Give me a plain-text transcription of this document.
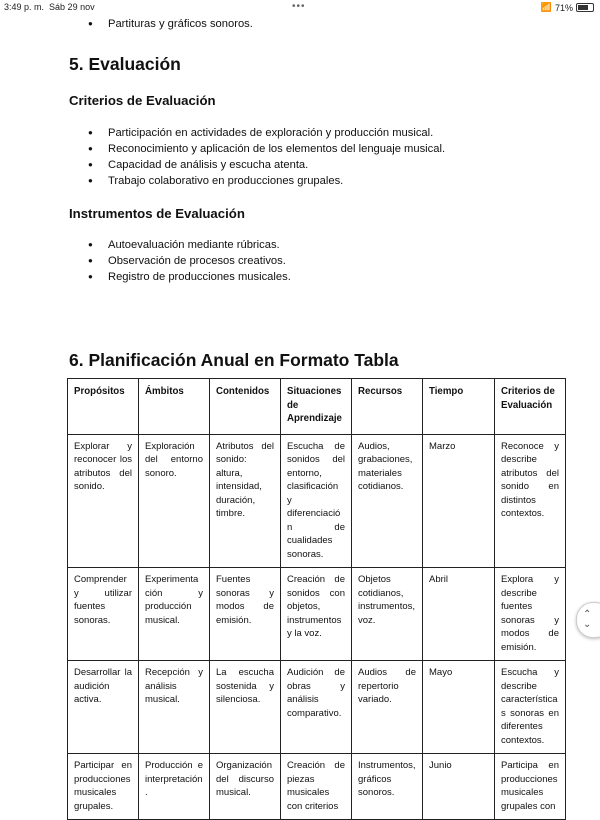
3:49 p. m. Sáb 29 nov	•••	📶 71%
● Partituras y gráficos sonoros.
5. Evaluación
Criterios de Evaluación
● Participación en actividades de exploración y producción musical.
● Reconocimiento y aplicación de los elementos del lenguaje musical.
● Capacidad de análisis y escucha atenta.
● Trabajo colaborativo en producciones grupales.
Instrumentos de Evaluación
● Autoevaluación mediante rúbricas.
● Observación de procesos creativos.
● Registro de producciones musicales.
6. Planificación Anual en Formato Tabla
Propósitos	Ámbitos	Contenidos	Situaciones de Aprendizaje	Recursos	Tiempo	Criterios de Evaluación
Explorar y reconocer los atributos del sonido.	Exploración del entorno sonoro.	Atributos del sonido: altura, intensidad, duración, timbre.	Escucha de sonidos del entorno, clasificación y diferenciación de cualidades sonoras.	Audios, grabaciones, materiales cotidianos.	Marzo	Reconoce y describe atributos del sonido en distintos contextos.
Comprender y utilizar fuentes sonoras.	Experimentación y producción musical.	Fuentes sonoras y modos de emisión.	Creación de sonidos con objetos, instrumentos y la voz.	Objetos cotidianos, instrumentos, voz.	Abril	Explora y describe fuentes sonoras y modos de emisión.
Desarrollar la audición activa.	Recepción y análisis musical.	La escucha sostenida y silenciosa.	Audición de obras y análisis comparativo.	Audios de repertorio variado.	Mayo	Escucha y describe características sonoras en diferentes contextos.
Participar en producciones musicales grupales.	Producción e interpretación.	Organización del discurso musical.	Creación de piezas musicales con criterios	Instrumentos, gráficos sonoros.	Junio	Participa en producciones musicales grupales con
⌃
⌄
